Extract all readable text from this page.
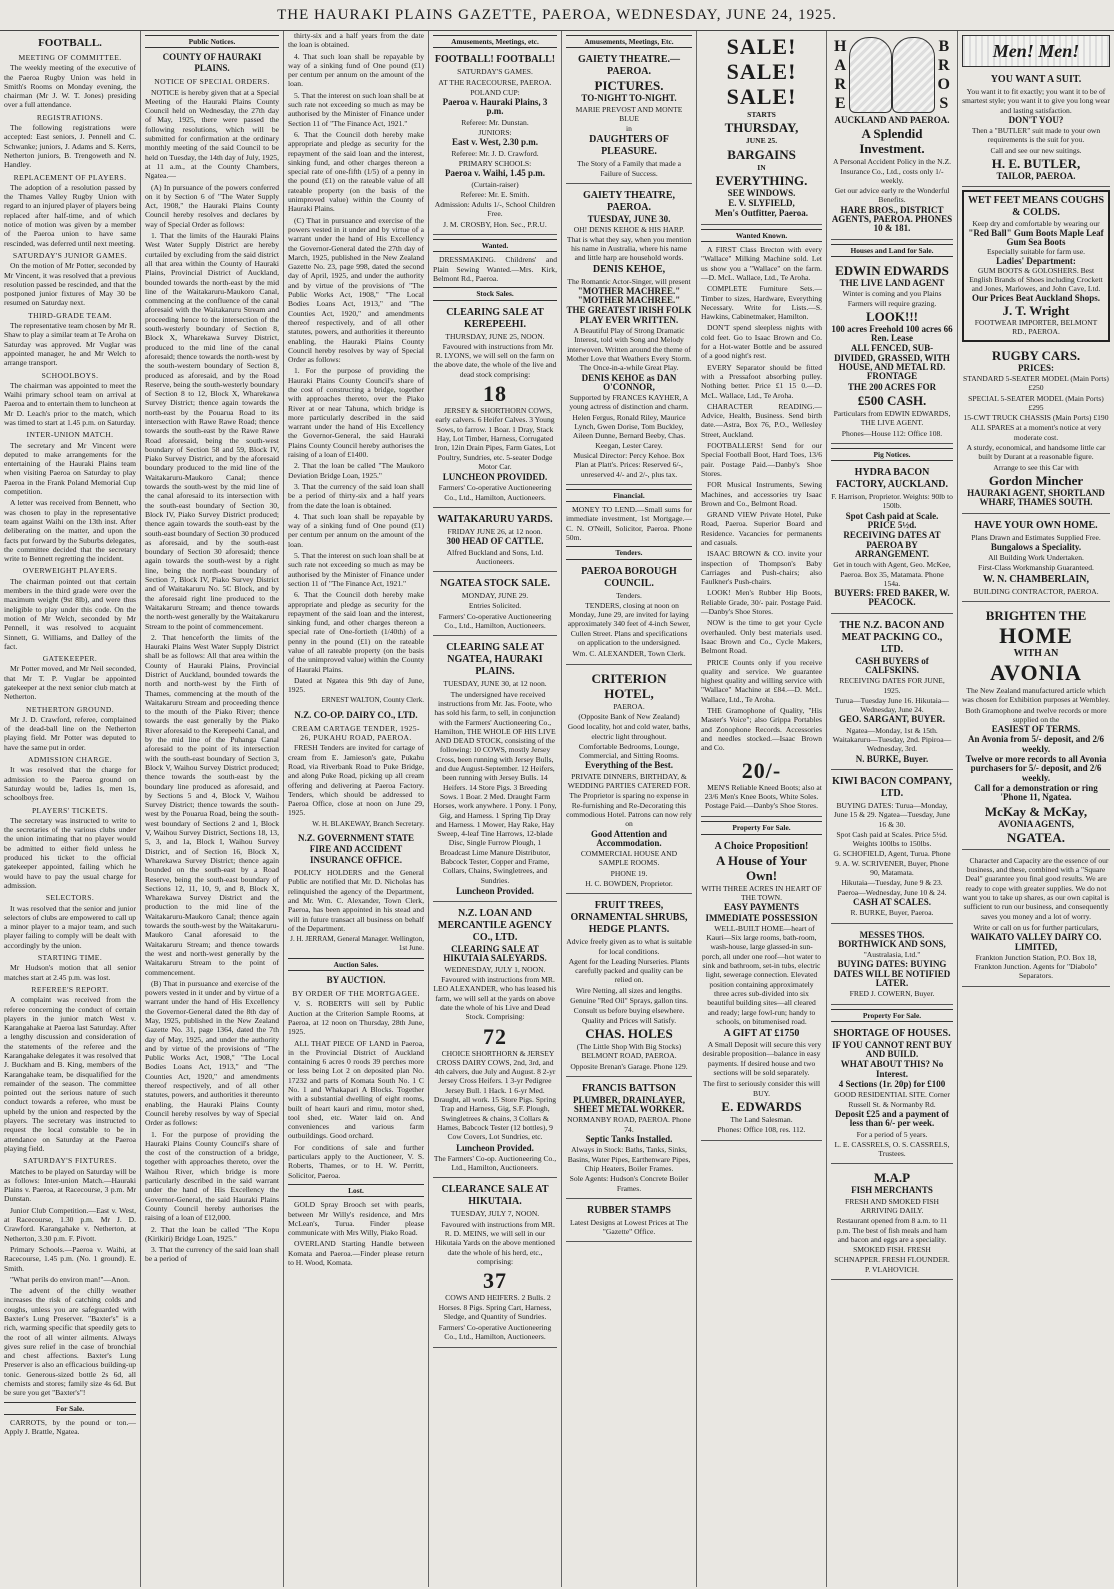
THE HAURAKI PLAINS GAZETTE, PAEROA, WEDNESDAY, JUNE 24, 1925.
FOOTBALL.
MEETING OF COMMITTEE.

The weekly meeting of the executive of the Paeroa Rugby Union was held in Smith's Rooms on Monday evening, the chairman (Mr J. W. T. Jones) presiding over a full attendance.

REGISTRATIONS.

The following registrations were accepted: East seniors, J. Pennell and C. Schwanke; juniors, J. Adams and S. Kerrs, Netherton juniors, B. Trengoweth and N. Handley.

REPLACEMENT OF PLAYERS.

The adoption of a resolution passed by the Thames Valley Rugby Union with regard to an injured player of players being replaced after half-time, and of which notice of motion was given by a member of the Paeroa union to have same rescinded, was deferred until next meeting.

SATURDAY'S JUNIOR GAMES.

On the motion of Mr Potter, seconded by Mr Vincent, it was resolved that a previous resolution passed be rescinded, and that the postponed junior fixtures of May 30 be resumed on Saturday next.

THIRD-GRADE TEAM.

The representative team chosen by Mr R. Shaw to play a similar team at Te Aroha on Saturday was approved. Mr Vuglar was appointed manager, he and Mr Welch to arrange transport.

SCHOOLBOYS.

The chairman was appointed to meet the Waihi primary school team on arrival at Paeroa and to entertain them to luncheon at Mr D. Leach's prior to the match, which was timed to start at 1.45 p.m. on Saturday.

INTER-UNION MATCH.

The secretary and Mr Vincent were deputed to make arrangements for the entertaining of the Hauraki Plains team when visiting Paeroa on Saturday to play Paeroa in the Frank Poland Memorial Cup competition.

A letter was received from Bennett, who was chosen to play in the representative team against Waihi on the 13th inst. After deliberating on the matter, and upon the facts put forward by the Suburbs delegates, the committee decided that the secretary write to Bennett regretting the incident.

OVERWEIGHT PLAYERS.

The chairman pointed out that certain members in the third grade were over the maximum weight (9st 8lb), and were thus ineligible to play under this code. On the motion of Mr Welch, seconded by Mr Pennell, it was resolved to acquaint Sinnett, G. Williams, and Dalley of the fact.

GATEKEEPER.

Mr Potter moved, and Mr Neil seconded, that Mr T. P. Vuglar be appointed gatekeeper at the next senior club match at Netherton.

NETHERTON GROUND.

Mr J. D. Crawford, referee, complained of the dead-ball line on the Netherton playing field. Mr Potter was deputed to have the same put in order.

ADMISSION CHARGE.

It was resolved that the charge for admission to the Paeroa ground on Saturday would be, ladies 1s, men 1s, schoolboys free.

PLAYERS' TICKETS.

The secretary was instructed to write to the secretaries of the various clubs under the union intimating that no player would be admitted to either field unless he produced his ticket to the official gatekeeper appointed, failing which he would have to pay the usual charge for admission.

SELECTORS.

It was resolved that the senior and junior selectors of clubs are empowered to call up a minor player to a major team, and such player failing to comply will be dealt with accordingly by the union.

STARTING TIME.

Mr Hudson's motion that all senior matches start at 2.45 p.m. was lost.

REFEREE'S REPORT.

A complaint was received from the referee concerning the conduct of certain players in the junior match West v. Karangahake at Paeroa last Saturday. After a lengthy discussion and consideration of the statements of the referee and the Karangahake delegates it was resolved that J. Buckham and B. King, members of the Karangahake team, be disqualified for the remainder of the season. The committee pointed out the serious nature of such conduct towards a referee, who must be upheld by the union and respected by the players. The secretary was instructed to request the local constable to be in attendance on Saturday at the Paeroa playing field.

SATURDAY'S FIXTURES.

Matches to be played on Saturday will be as follows: Inter-union Match.—Hauraki Plains v. Paeroa, at Racecourse, 3 p.m. Mr Dunstan.

Junior Club Competition.—East v. West, at Racecourse, 1.30 p.m. Mr J. D. Crawford. Karangahake v. Netherton, at Netherton, 3.30 p.m. F. Pivott.

Primary Schools.—Paeroa v. Waihi, at Racecourse, 1.45 p.m. (No. 1 ground). E. Smith.

"What perils do environ man!"—Anon.

The advent of the chilly weather increases the risk of catching colds and coughs, unless you are safeguarded with Baxter's Lung Preserver. "Baxter's" is a rich, warming specific that speedily gets to the root of all winter ailments. Always gives sure relief in the case of bronchial and chest affections. Baxter's Lung Preserver is also an efficacious building-up tonic. Generous-sized bottle 2s 6d, all chemists and stores; family size 4s 6d. But be sure you get "Baxter's"!

For Sale.

CARROTS, by the pound or ton.—Apply J. Brattle, Ngatea.

Public Notices.
COUNTY OF HAURAKI PLAINS.
NOTICE OF SPECIAL ORDERS.

NOTICE is hereby given that at a Special Meeting of the Hauraki Plains County Council held on Wednesday, the 27th day of May, 1925, there were passed the following resolutions, which will be submitted for confirmation at the ordinary monthly meeting of the said Council to be held on Tuesday, the 14th day of July, 1925, at 11 a.m., at the County Chambers, Ngatea.—

(A) In pursuance of the powers conferred on it by Section 6 of "The Water Supply Act, 1908," the Hauraki Plains County Council hereby resolves and declares by way of Special Order as follows:

1. That the limits of the Hauraki Plains West Water Supply District are hereby curtailed by excluding from the said district all that area within the County of Hauraki Plains, Provincial District of Auckland, bounded towards the north-east by the mid line of the Waitakaruru-Maukoro Canal, commencing at the confluence of the canal aforesaid with the Waitakaruru Stream and proceeding hence to the intersection of the south-westerly boundary of Section 8, Block X, Wharekawa Survey District, produced to the mid line of the canal aforesaid; thence towards the north-west by the south-western boundary of Section 8, produced as aforesaid, and by the Road Reserve, being the south-westerly boundary of Section 8 to 12, Block X, Wharekawa Survey District; thence again towards the north-east by the Pouarua Road to its intersection with Rawe Rawe Road; thence towards the south-east by the Rawe Rawe Road aforesaid, being the south-west boundary of Section 58 and 59, Block IV, Piako Survey District, and by the aforesaid boundary produced to the mid line of the Waitakaruru-Maukoro Canal; thence towards the south-west by the mid line of the canal aforesaid to its intersection with the south-east boundary of Section 30, Block IV, Piako Survey District produced; thence again towards the south-east by the south-east boundary of Section 30 produced as aforesaid, and by the south-east boundary of Section 30 aforesaid; thence again towards the south-west by a right line, being the north-east boundary of Section 7, Block IV, Piako Survey District and of Waitakaruru No. 5C Block, and by the aforesaid right line produced to the Waitakaruru Stream; and thence towards the north-west generally by the Waitakaruru Stream to the point of commencement.

2. That henceforth the limits of the Hauraki Plains West Water Supply District shall be as follows: All that area within the County of Hauraki Plains, Provincial District of Auckland, bounded towards the north and north-west by the Firth of Thames, commencing at the mouth of the Waitakaruru Stream and proceeding thence to the mouth of the Piako River; thence towards the east generally by the Piako River aforesaid to the Kerepeehi Canal, and by the mid line of the Puhanga Canal aforesaid to the point of its intersection with the south-east boundary of Section 3, Block V, Waihou Survey District produced; thence towards the south-east by the boundary line produced as aforesaid, and by Sections 5 and 4, Block V, Waihou Survey District; thence towards the south-west by the Pouarua Road, being the south-west boundary of Sections 2 and 1, Block V, Waihou Survey District, Sections 18, 13, 5, 3, and 1a, Block I, Waihou Survey District, and of Section 16, Block X, Wharekawa Survey District; thence again bounded on the south-east by a Road Reserve, being the south-east boundary of Sections 12, 11, 10, 9, and 8, Block X, Wharekawa Survey District and the production to the mid line of the Waitakaruru-Maukoro Canal; thence again towards the south-west by the Waitakaruru-Maukoro Canal aforesaid to the Waitakaruru Stream; and thence towards the west and north-west generally by the Waitakaruru Stream to the point of commencement.

(B) That in pursuance and exercise of the powers vested in it under and by virtue of a warrant under the hand of His Excellency the Governor-General dated the 8th day of May, 1925, published in the New Zealand Gazette No. 31, page 1364, dated the 7th day of May, 1925, and under the authority and by virtue of the provisions of "The Public Works Act, 1908," "The Local Bodies Loans Act, 1913," and "The Counties Act, 1920," and amendments thereof respectively, and of all other statutes, powers, and authorities it thereunto enabling, the Hauraki Plains County Council hereby resolves by way of Special Order as follows:

1. For the purpose of providing the Hauraki Plains County Council's share of the cost of the construction of a bridge, together with approaches thereto, over the Waihou River, which bridge is more particularly described in the said warrant under the hand of His Excellency the Governor-General, the said Hauraki Plains County Council hereby authorises the raising of a loan of £12,000.

2. That the loan be called "The Kopu (Kirikiri) Bridge Loan, 1925."

3. That the currency of the said loan shall be a period of

thirty-six and a half years from the date the loan is obtained.

4. That such loan shall be repayable by way of a sinking fund of One pound (£1) per centum per annum on the amount of the loan.

5. That the interest on such loan shall be at such rate not exceeding so much as may be authorised by the Minister of Finance under Section 11 of "The Finance Act, 1921."

6. That the Council doth hereby make appropriate and pledge as security for the repayment of the said loan and the interest, sinking fund, and other charges thereon a special rate of one-fifth (1/5) of a penny in the pound (£1) on the rateable value of all rateable property (on the basis of the unimproved value) within the County of Hauraki Plains.

(C) That in pursuance and exercise of the powers vested in it under and by virtue of a warrant under the hand of His Excellency the Governor-General dated the 27th day of March, 1925, published in the New Zealand Gazette No. 23, page 998, dated the second day of April, 1925, and under the authority and by virtue of the provisions of "The Public Works Act, 1908," "The Local Bodies Loans Act, 1913," and "The Counties Act, 1920," and amendments thereof respectively, and of all other statutes, powers, and authorities it thereunto enabling, the Hauraki Plains County Council hereby resolves by way of Special Order as follows:

1. For the purpose of providing the Hauraki Plains County Council's share of the cost of constructing a bridge, together with approaches thereto, over the Piako River at or near Tahuna, which bridge is more particularly described in the said warrant under the hand of His Excellency the Governor-General, the said Hauraki Plains County Council hereby authorises the raising of a loan of £1400.

2. That the loan be called "The Maukoro Deviation Bridge Loan, 1925."

3. That the currency of the said loan shall be a period of thirty-six and a half years from the date the loan is obtained.

4. That such loan shall be repayable by way of a sinking fund of One pound (£1) per centum per annum on the amount of the loan.

5. That the interest on such loan shall be at such rate not exceeding so much as may be authorised by the Minister of Finance under section 11 of "The Finance Act, 1921."

6. That the Council doth hereby make appropriate and pledge as security for the repayment of the said loan and the interest, sinking fund, and other charges thereon a special rate of One-fortieth (1/40th) of a penny in the pound (£1) on the rateable value of all rateable property (on the basis of the unimproved value) within the County of Hauraki Plains.

Dated at Ngatea this 9th day of June, 1925.

ERNEST WALTON, County Clerk.

N.Z. CO-OP. DAIRY CO., LTD.
CREAM CARTAGE TENDER, 1925-26, PUKAHU ROAD, PAEROA.

FRESH Tenders are invited for cartage of cream from E. Jamieson's gate, Pukahu Road, via Riverbank Road to Puke Bridge, and along Puke Road, picking up all cream offering and delivering at Paeroa Factory. Tenders, which should be addressed to Paeroa Office, close at noon on June 29, 1925.

W. H. BLAKEWAY, Branch Secretary.

N.Z. GOVERNMENT STATE FIRE AND ACCIDENT INSURANCE OFFICE.

POLICY HOLDERS and the General Public are notified that Mr. D. Nicholas has relinquished the agency of the Department, and Mr. Wm. C. Alexander, Town Clerk, Paeroa, has been appointed in his stead and will in future transact all business on behalf of the Department.

J. H. JERRAM, General Manager. Wellington, 1st June.

Auction Sales.
BY AUCTION.
BY ORDER OF THE MORTGAGEE.

V. S. ROBERTS will sell by Public Auction at the Criterion Sample Rooms, at Paeroa, at 12 noon on Thursday, 28th June, 1925.

ALL THAT PIECE OF LAND in Paeroa, in the Provincial District of Auckland containing 6 acres 0 roods 39 perches more or less being Lot 2 on deposited plan No. 17232 and parts of Komata South No. 1 C No. 1 and Whakapari A Blocks. Together with a substantial dwelling of eight rooms, built of heart kauri and rimu, motor shed, tool shed, etc. Water laid on. And conveniences and various farm outbuildings. Good orchard.

For conditions of sale and further particulars apply to the Auctioneer, V. S. Roberts, Thames, or to H. W. Perritt, Solicitor, Paeroa.

Lost.

GOLD Spray Brooch set with pearls, between Mr Willy's residence, and Mrs McLean's, Turua. Finder please communicate with Mrs Willy, Piako Road.

OVERLAND Starting Handle between Komata and Paeroa.—Finder please return to H. Wood, Komata.

Amusements, Meetings, etc.
FOOTBALL! FOOTBALL!
SATURDAY'S GAMES.
AT THE RACECOURSE, PAEROA.
POLAND CUP:
Paeroa v. Hauraki Plains, 3 p.m.
Referee: Mr. Dunstan.
JUNIORS:
East v. West, 2.30 p.m.
Referee: Mr. J. D. Crawford.
PRIMARY SCHOOLS:
Paeroa v. Waihi, 1.45 p.m.
(Curtain-raiser)
Referee: Mr. E. Smith.
Admission: Adults 1/-, School Children Free.
J. M. CROSBY, Hon. Sec., P.R.U.
Wanted.

DRESSMAKING. Childrens' and Plain Sewing Wanted.—Mrs. Kirk, Belmont Rd., Paeroa.

Stock Sales.
CLEARING SALE AT KEREPEEHI.
THURSDAY, JUNE 25, NOON.

Favoured with instructions from Mr. R. LYONS, we will sell on the farm on the above date, the whole of the live and dead stock comprising:

18

JERSEY & SHORTHORN COWS, early calvers. 6 Heifer Calves. 3 Young Sows, to farrow. 1 Boar. 1 Dray, Stack Hay, Lot Timber, Harness, Corrugated Iron, 12in Drain Pipes, Farm Gates, Lot Poultry, Sundries, etc. 5-seater Dodge Motor Car.

LUNCHEON PROVIDED.
Farmers' Co-operative Auctioneering Co., Ltd., Hamilton, Auctioneers.
WAITAKARURU YARDS.
FRIDAY JUNE 26, at 12 noon.
300 HEAD OF CATTLE.
Alfred Buckland and Sons, Ltd. Auctioneers.
NGATEA STOCK SALE.
MONDAY, JUNE 29.
Entries Solicited.
Farmers' Co-operative Auctioneering Co., Ltd., Hamilton, Auctioneers.
CLEARING SALE AT NGATEA, HAURAKI PLAINS.
TUESDAY, JUNE 30, at 12 noon.

The undersigned have received instructions from Mr. Jas. Foote, who has sold his farm, to sell, in conjunction with the Farmers' Auctioneering Co., Hamilton, THE WHOLE OF HIS LIVE AND DEAD STOCK, consisting of the following: 10 COWS, mostly Jersey Cross, been running with Jersey Bulls, and due August-September. 12 Heifers, been running with Jersey Bulls. 14 Heifers. 14 Store Pigs. 3 Breeding Sows. 1 Boar. 2 Med. Draught Farm Horses, work anywhere. 1 Pony. 1 Pony, Gig, and Harness. 1 Spring Tip Dray and Harness. 1 Mower, Hay Rake, Hay Sweep, 4-leaf Tine Harrows, 12-blade Disc, Single Furrow Plough, 1 Broadcast Lime Manure Distributor, Babcock Tester, Copper and Frame, Collars, Chains, Swingletrees, and Sundries.

Luncheon Provided.
N.Z. LOAN AND MERCANTILE AGENCY CO., LTD.
CLEARING SALE AT HIKUTAIA SALEYARDS.
WEDNESDAY, JULY 1, NOON.

Favoured with instructions from MR. LEO ALEXANDER, who has leased his farm, we will sell at the yards on above date the whole of his Live and Dead Stock. Comprising:

72

CHOICE SHORTHORN & JERSEY CROSS DAIRY COWS, 2nd, 3rd, and 4th calvers, due July and August. 8 2-yr Jersey Cross Heifers. 1 3-yr Pedigree Jersey Bull. 1 Hack. 1 6-yr Med. Draught, all work. 15 Store Pigs. Spring Trap and Harness, Gig, S.F. Plough, Swingletrees & chains, 3 Collars & Hames, Babcock Tester (12 bottles), 9 Cow Covers, Lot Sundries, etc.

Luncheon Provided.
The Farmers' Co-op. Auctioneering Co., Ltd., Hamilton, Auctioneers.
CLEARANCE SALE AT HIKUTAIA.
TUESDAY, JULY 7, NOON.

Favoured with instructions from MR. R. D. MEINS, we will sell in our Hikutaia Yards on the above mentioned date the whole of his herd, etc., comprising:

37

COWS AND HEIFERS. 2 Bulls. 2 Horses. 8 Pigs. Spring Cart, Harness, Sledge, and Quantity of Sundries.

Farmers' Co-operative Auctioneering Co., Ltd., Hamilton, Auctioneers.
Amusements, Meetings, Etc.
GAIETY THEATRE.—PAEROA.
PICTURES.
TO-NIGHT TO-NIGHT.
MARIE PREVOST AND MONTE BLUE
in
DAUGHTERS OF PLEASURE.
The Story of a Family that made a Failure of Success.
GAIETY THEATRE, PAEROA.
TUESDAY, JUNE 30.
OH! DENIS KEHOE & HIS HARP. That is what they say, when you mention his name in Australia, where his name and little harp are household words.
DENIS KEHOE,
The Romantic Actor-Singer, will present
"MOTHER MACHREE." "MOTHER MACHREE."
THE GREATEST IRISH FOLK PLAY EVER WRITTEN.
A Beautiful Play of Strong Dramatic Interest, told with Song and Melody interwoven. Written around the theme of Mother Love that Weathers Every Storm. The Once-in-a-while Great Play.
DENIS KEHOE as DAN O'CONNOR,
Supported by FRANCES KAYHER, A young actress of distinction and charm.
Helen Fergus, Ronald Riley, Maurice Lynch, Gwen Dorise, Tom Buckley, Aileen Dunne, Bernard Beeby, Chas. Keegan, Lester Carey.
Musical Director: Percy Kehoe. Box Plan at Platt's. Prices: Reserved 6/-, unreserved 4/- and 2/-, plus tax.
Financial.

MONEY TO LEND.—Small sums for immediate investment, 1st Mortgage.—C. N. O'Neill, Solicitor, Paeroa. Phone 50m.

Tenders.
PAEROA BOROUGH COUNCIL.
Tenders.

TENDERS, closing at noon on Monday, June 29, are invited for laying approximately 340 feet of 4-inch Sewer, Cullen Street. Plans and specifications on application to the undersigned.

Wm. C. ALEXANDER, Town Clerk.
CRITERION HOTEL,
PAEROA.
(Opposite Bank of New Zealand)
Good locality, hot and cold water, baths, electric light throughout.
Comfortable Bedrooms, Lounge, Commercial, and Sitting Rooms.
Everything of the Best.
PRIVATE DINNERS, BIRTHDAY, & WEDDING PARTIES CATERED FOR.
The Proprietor is sparing no expense in Re-furnishing and Re-Decorating this commodious Hotel. Patrons can now rely on
Good Attention and Accommodation.
COMMERCIAL HOUSE AND SAMPLE ROOMS.
PHONE 19.
H. C. BOWDEN, Proprietor.
FRUIT TREES, ORNAMENTAL SHRUBS, HEDGE PLANTS.
Advice freely given as to what is suitable for local conditions.
Agent for the Leading Nurseries. Plants carefully packed and quality can be relied on.
Wire Netting, all sizes and lengths.
Genuine "Red Oil" Sprays, gallon tins.
Consult us before buying elsewhere. Quality and Prices will Satisfy.
CHAS. HOLES
(The Little Shop With Big Stocks) BELMONT ROAD, PAEROA.
Opposite Brenan's Garage. Phone 129.
FRANCIS BATTSON
PLUMBER, DRAINLAYER, SHEET METAL WORKER.
NORMANBY ROAD, PAEROA. Phone 74.
Septic Tanks Installed.
Always in Stock: Baths, Tanks, Sinks, Basins, Water Pipes, Earthenware Pipes, Chip Heaters, Boiler Frames.
Sole Agents: Hudson's Concrete Boiler Frames.
RUBBER STAMPS
Latest Designs at Lowest Prices at The "Gazette" Office.
SALE!
SALE!
SALE!
STARTS
THURSDAY,
JUNE 25.
BARGAINS
IN
EVERYTHING.
SEE WINDOWS.
E. V. SLYFIELD,
Men's Outfitter, Paeroa.
Wanted Known.

A FIRST Class Brecton with every "Wallace" Milking Machine sold. Let us show you a "Wallace" on the farm.—D. McL. Wallace, Ltd., Te Aroha.

COMPLETE Furniture Sets.—Timber to sizes, Hardware, Everything Necessary. Write for Lists.—S. Hawkins, Cabinetmaker, Hamilton.

DON'T spend sleepless nights with cold feet. Go to Isaac Brown and Co. for a Hot-water Bottle and be assured of a good night's rest.

EVERY Separator should be fitted with a Pressafoot absorbing pulley. Nothing better. Price £1 15 0.—D. McL. Wallace, Ltd., Te Aroha.

CHARACTER READING.—Advice, Health, Business. Send birth date.—Astra, Box 76, P.O., Wellesley Street, Auckland.

FOOTBALLERS! Send for our Special Football Boot, Hard Toes, 13/6 pair. Postage Paid.—Danby's Shoe Stores.

FOR Musical Instruments, Sewing Machines, and accessories try Isaac Brown and Co., Belmont Road.

GRAND VIEW Private Hotel, Puke Road, Paeroa. Superior Board and Residence. Vacancies for permanents and casuals.

ISAAC BROWN & CO. invite your inspection of Thompson's Baby Carriages and Push-chairs; also Faulkner's Push-chairs.

LOOK! Men's Rubber Hip Boots, Reliable Grade, 30/- pair. Postage Paid.—Danby's Shoe Stores.

NOW is the time to get your Cycle overhauled. Only best materials used. Isaac Brown and Co., Cycle Makers, Belmont Road.

PRICE Counts only if you receive quality and service. We guarantee highest quality and willing service with "Wallace" Machine at £84.—D. McL. Wallace, Ltd., Te Aroha.

THE Gramophone of Quality, "His Master's Voice"; also Grippa Portables and Zonophone Records. Accessories and needles stocked.—Isaac Brown and Co.

20/-

MEN'S Reliable Kneed Boots; also at 23/6 Men's Knee Boots, White Soles. Postage Paid.—Danby's Shoe Stores.

Property For Sale.
A Choice Proposition!
A House of Your Own!
WITH THREE ACRES IN HEART OF THE TOWN.
EASY PAYMENTS
IMMEDIATE POSSESSION

WELL-BUILT HOME—heart of Kauri—Six large rooms, bath-room, wash-house, large glassed-in sun-porch, all under one roof—hot water to sink and bathroom, set-in tubs, electric light, sewerage connection. Elevated position containing approximately three acres sub-divided into six beautiful building sites—all cleared and ready; large fowl-run; handy to schools, on bitumenised road.

A GIFT AT £1750

A Small Deposit will secure this very desirable proposition—balance in easy payments. If desired house and two sections will be sold separately.

The first to seriously consider this will BUY.
E. EDWARDS
The Land Salesman.
Phones: Office 108, res. 112.
H
A
R
E
B
R
O
S
AUCKLAND AND PAEROA.
A Splendid Investment.
A Personal Accident Policy in the N.Z. Insurance Co., Ltd., costs only 1/- weekly.
Get our advice early re the Wonderful Benefits.
HARE BROS., DISTRICT AGENTS, PAEROA. PHONES 10 & 181.
Houses and Land for Sale.
EDWIN EDWARDS
THE LIVE LAND AGENT
Winter is coming and you Plains Farmers will require grazing.
LOOK!!!
100 acres Freehold 100 acres 66 Ren. Lease
ALL FENCED, SUB-DIVIDED, GRASSED, WITH HOUSE, AND METAL RD. FRONTAGE
THE 200 ACRES FOR
£500 CASH.
Particulars from EDWIN EDWARDS, THE LIVE AGENT.
Phones—House 112: Office 108.
Pig Notices.
HYDRA BACON FACTORY, AUCKLAND.
F. Harrison, Proprietor. Weights: 90lb to 150lb.
Spot Cash paid at Scale. PRICE 5½d.
RECEIVING DATES AT PAEROA BY ARRANGEMENT.
Get in touch with Agent, Geo. McKee, Paeroa. Box 35, Matamata. Phone 154a.
BUYERS: FRED BAKER, W. PEACOCK.
THE N.Z. BACON AND MEAT PACKING CO., LTD.
CASH BUYERS of CALFSKINS.
RECEIVING DATES FOR JUNE, 1925.
Turua—Tuesday June 16. Hikutaia—Wednesday, June 24.
GEO. SARGANT, BUYER.
Ngatea—Monday, 1st & 15th. Waitakaruru—Tuesday, 2nd. Pipiroa—Wednesday, 3rd.
N. BURKE, Buyer.
KIWI BACON COMPANY, LTD.
BUYING DATES: Turua—Monday, June 15 & 29. Ngatea—Tuesday, June 16 & 30.
Spot Cash paid at Scales. Price 5½d. Weights 100lbs to 150lbs.
G. SCHOFIELD, Agent, Turua. Phone 9. A. W. SCRIVENER, Buyer, Phone 90, Matamata.
Hikutaia—Tuesday, June 9 & 23. Paeroa—Wednesday, June 10 & 24.
CASH AT SCALES.
R. BURKE, Buyer, Paeroa.
MESSES THOS. BORTHWICK AND SONS,
"Australasia, Ltd."
BUYING DATES: BUYING DATES WILL BE NOTIFIED LATER.
FRED J. COWERN, Buyer.
Property For Sale.
SHORTAGE OF HOUSES.
IF YOU CANNOT RENT BUY AND BUILD.
WHAT ABOUT THIS? No Interest.
4 Sections (1r. 20p) for £100
GOOD RESIDENTIAL SITE. Corner Russell St. & Normanby Rd.
Deposit £25 and a payment of less than 6/- per week.
For a period of 5 years.
L. E. CASSRELS, O. S. CASSRELS, Trustees.
M.A.P
FISH MERCHANTS
FRESH AND SMOKED FISH ARRIVING DAILY.
Restaurant opened from 8 a.m. to 11 p.m. The best of fish meals and ham and bacon and eggs are a speciality.
SMOKED FISH. FRESH SCHNAPPER. FRESH FLOUNDER.
P. VLAHOVICH.
Men! Men!
YOU WANT A SUIT.
You want it to fit exactly; you want it to be of smartest style; you want it to give you long wear and lasting satisfaction.
DON'T YOU?
Then a "BUTLER" suit made to your own requirements is the suit for you.
Call and see our new suitings.
H. E. BUTLER,
TAILOR, PAEROA.
WET FEET MEANS COUGHS & COLDS.
Keep dry and comfortable by wearing our
"Red Ball" Gum Boots Maple Leaf Gum Sea Boots
Especially suitable for farm use.
Ladies' Department:
GUM BOOTS & GOLOSHERS. Best English Brands of Shoes including Crockett and Jones, Marlowes, and John Cave, Ltd.
Our Prices Beat Auckland Shops.
J. T. Wright
FOOTWEAR IMPORTER, BELMONT RD., PAEROA.
RUGBY CARS.
PRICES:
STANDARD 5-SEATER MODEL (Main Ports) £250
SPECIAL 5-SEATER MODEL (Main Ports) £295
15-CWT TRUCK CHASSIS (Main Ports) £190
ALL SPARES at a moment's notice at very moderate cost.
A sturdy, economical, and handsome little car built by Durant at a reasonable figure.
Arrange to see this Car with
Gordon Mincher
HAURAKI AGENT, SHORTLAND WHARF, THAMES SOUTH.
HAVE YOUR OWN HOME.
Plans Drawn and Estimates Supplied Free.
Bungalows a Speciality.
All Building Work Undertaken.
First-Class Workmanship Guaranteed.
W. N. CHAMBERLAIN,
BUILDING CONTRACTOR, PAEROA.
BRIGHTEN THE
HOME
WITH AN
AVONIA
The New Zealand manufactured article which was chosen for Exhibition purposes at Wembley.
Both Gramophone and twelve records or more supplied on the
EASIEST OF TERMS.
An Avonia from 5/- deposit, and 2/6 weekly.
Twelve or more records to all Avonia purchasers for 5/- deposit, and 2/6 weekly.
Call for a demonstration or ring 'Phone 11, Ngatea.
McKay & McKay,
AVONIA AGENTS,
NGATEA.

Character and Capacity are the essence of our business, and these, combined with a "Square Deal" guarantee you final good results. We are ready to cope with greater supplies. We do not want you to take up shares, as our own capital is sufficient to run our business, and consequently saves you money and a lot of worry.

Write or call on us for further particulars,
WAIKATO VALLEY DAIRY CO. LIMITED,
Frankton Junction Station, P.O. Box 18, Frankton Junction. Agents for "Diabolo" Separators.
